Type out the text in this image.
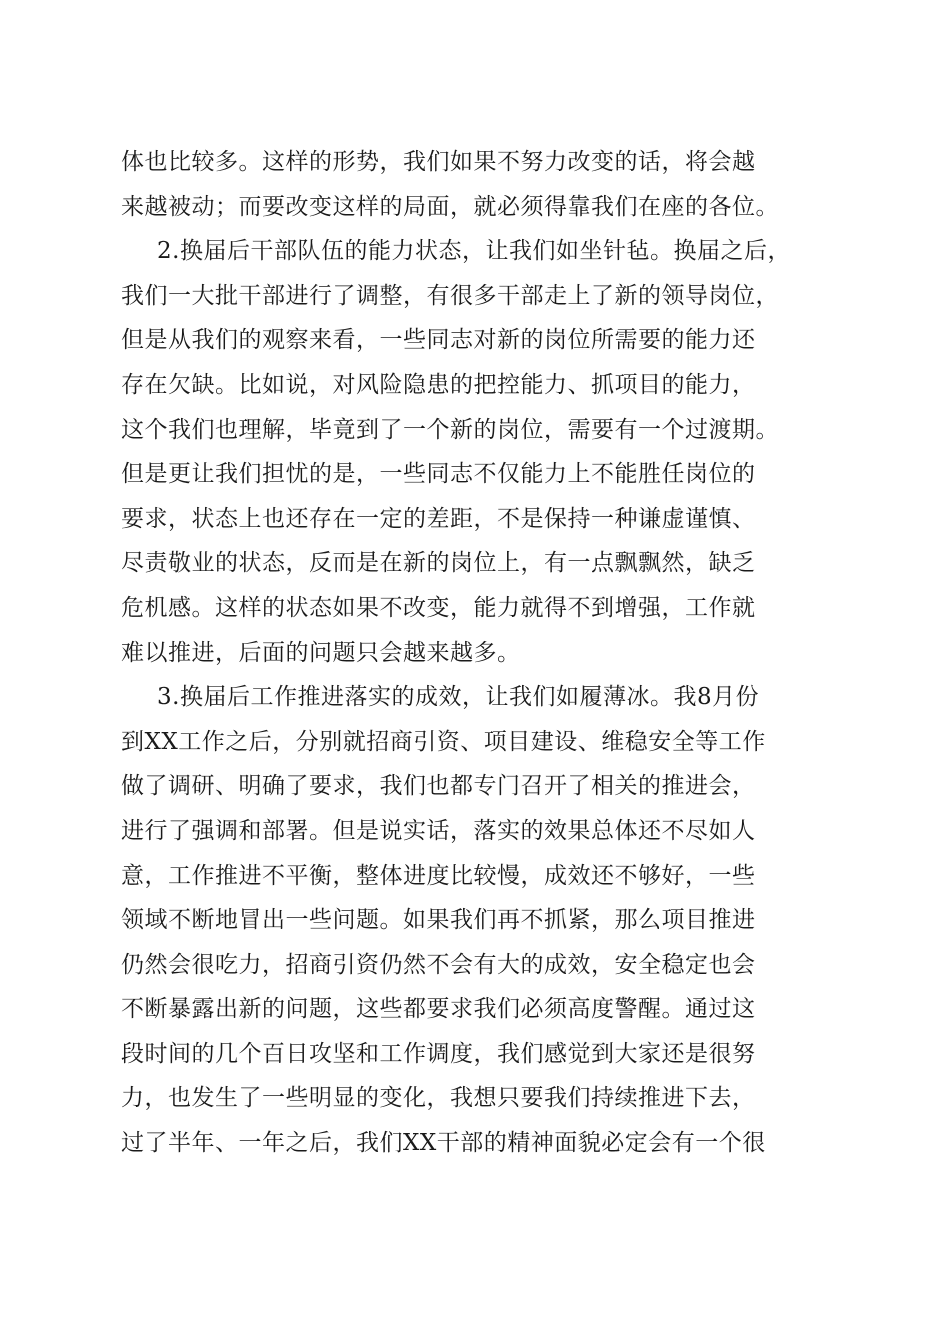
体也比较多。这样的形势，我们如果不努力改变的话，将会越
来越被动；而要改变这样的局面，就必须得靠我们在座的各位。
2.换届后干部队伍的能力状态，让我们如坐针毡。换届之后，
我们一大批干部进行了调整，有很多干部走上了新的领导岗位，
但是从我们的观察来看，一些同志对新的岗位所需要的能力还
存在欠缺。比如说，对风险隐患的把控能力、抓项目的能力，
这个我们也理解，毕竟到了一个新的岗位，需要有一个过渡期。
但是更让我们担忧的是，一些同志不仅能力上不能胜任岗位的
要求，状态上也还存在一定的差距，不是保持一种谦虚谨慎、
尽责敬业的状态，反而是在新的岗位上，有一点飘飘然，缺乏
危机感。这样的状态如果不改变，能力就得不到增强，工作就
难以推进，后面的问题只会越来越多。
3.换届后工作推进落实的成效，让我们如履薄冰。我8月份
到XX工作之后，分别就招商引资、项目建设、维稳安全等工作
做了调研、明确了要求，我们也都专门召开了相关的推进会，
进行了强调和部署。但是说实话，落实的效果总体还不尽如人
意，工作推进不平衡，整体进度比较慢，成效还不够好，一些
领域不断地冒出一些问题。如果我们再不抓紧，那么项目推进
仍然会很吃力，招商引资仍然不会有大的成效，安全稳定也会
不断暴露出新的问题，这些都要求我们必须高度警醒。通过这
段时间的几个百日攻坚和工作调度，我们感觉到大家还是很努
力，也发生了一些明显的变化，我想只要我们持续推进下去，
过了半年、一年之后，我们XX干部的精神面貌必定会有一个很
